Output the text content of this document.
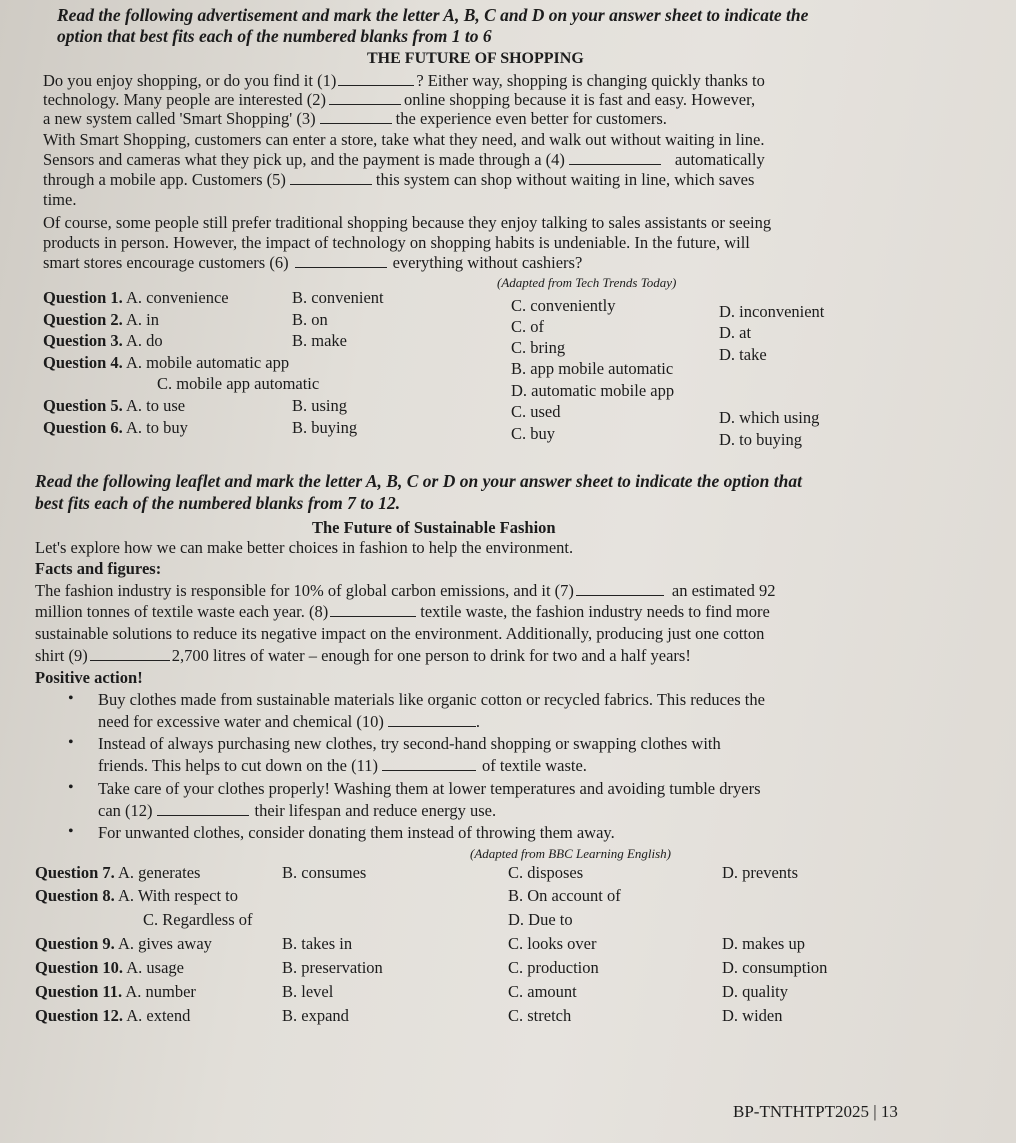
Read the following advertisement and mark the letter A, B, C and D on your answer sheet to indicate the
option that best fits each of the numbered blanks from 1 to 6
THE FUTURE OF SHOPPING
Do you enjoy shopping, or do you find it (1)	? Either way, shopping is changing quickly thanks to
technology. Many people are interested (2)	online shopping because it is fast and easy. However,
a new system called 'Smart Shopping' (3)	the experience even better for customers.
With Smart Shopping, customers can enter a store, take what they need, and walk out without waiting in line.
Sensors and cameras what they pick up, and the payment is made through a (4)	automatically
through a mobile app. Customers (5)	this system can shop without waiting in line, which saves
time.
Of course, some people still prefer traditional shopping because they enjoy talking to sales assistants or seeing
products in person. However, the impact of technology on shopping habits is undeniable. In the future, will
smart stores encourage customers (6)	everything without cashiers?
(Adapted from Tech Trends Today)
Question 1. A. convenience	B. convenient	C. conveniently	D. inconvenient
Question 2. A. in	B. on	C. of	D. at
Question 3. A. do	B. make	C. bring	D. take
Question 4. A. mobile automatic app	B. app mobile automatic
C. mobile app automatic	D. automatic mobile app
Question 5. A. to use	B. using	C. used	D. which using
Question 6. A. to buy	B. buying	C. buy	D. to buying
Read the following leaflet and mark the letter A, B, C or D on your answer sheet to indicate the option that
best fits each of the numbered blanks from 7 to 12.
The Future of Sustainable Fashion
Let's explore how we can make better choices in fashion to help the environment.
Facts and figures:
The fashion industry is responsible for 10% of global carbon emissions, and it (7)	an estimated 92
million tonnes of textile waste each year. (8)	textile waste, the fashion industry needs to find more
sustainable solutions to reduce its negative impact on the environment. Additionally, producing just one cotton
shirt (9)	2,700 litres of water – enough for one person to drink for two and a half years!
Positive action!
• Buy clothes made from sustainable materials like organic cotton or recycled fabrics. This reduces the
need for excessive water and chemical (10)	.
• Instead of always purchasing new clothes, try second-hand shopping or swapping clothes with
friends. This helps to cut down on the (11)	of textile waste.
• Take care of your clothes properly! Washing them at lower temperatures and avoiding tumble dryers
can (12)	their lifespan and reduce energy use.
• For unwanted clothes, consider donating them instead of throwing them away.
(Adapted from BBC Learning English)
Question 7. A. generates	B. consumes	C. disposes	D. prevents
Question 8. A. With respect to	B. On account of
C. Regardless of	D. Due to
Question 9. A. gives away	B. takes in	C. looks over	D. makes up
Question 10. A. usage	B. preservation	C. production	D. consumption
Question 11. A. number	B. level	C. amount	D. quality
Question 12. A. extend	B. expand	C. stretch	D. widen
BP-TNTHTPT2025 | 13
